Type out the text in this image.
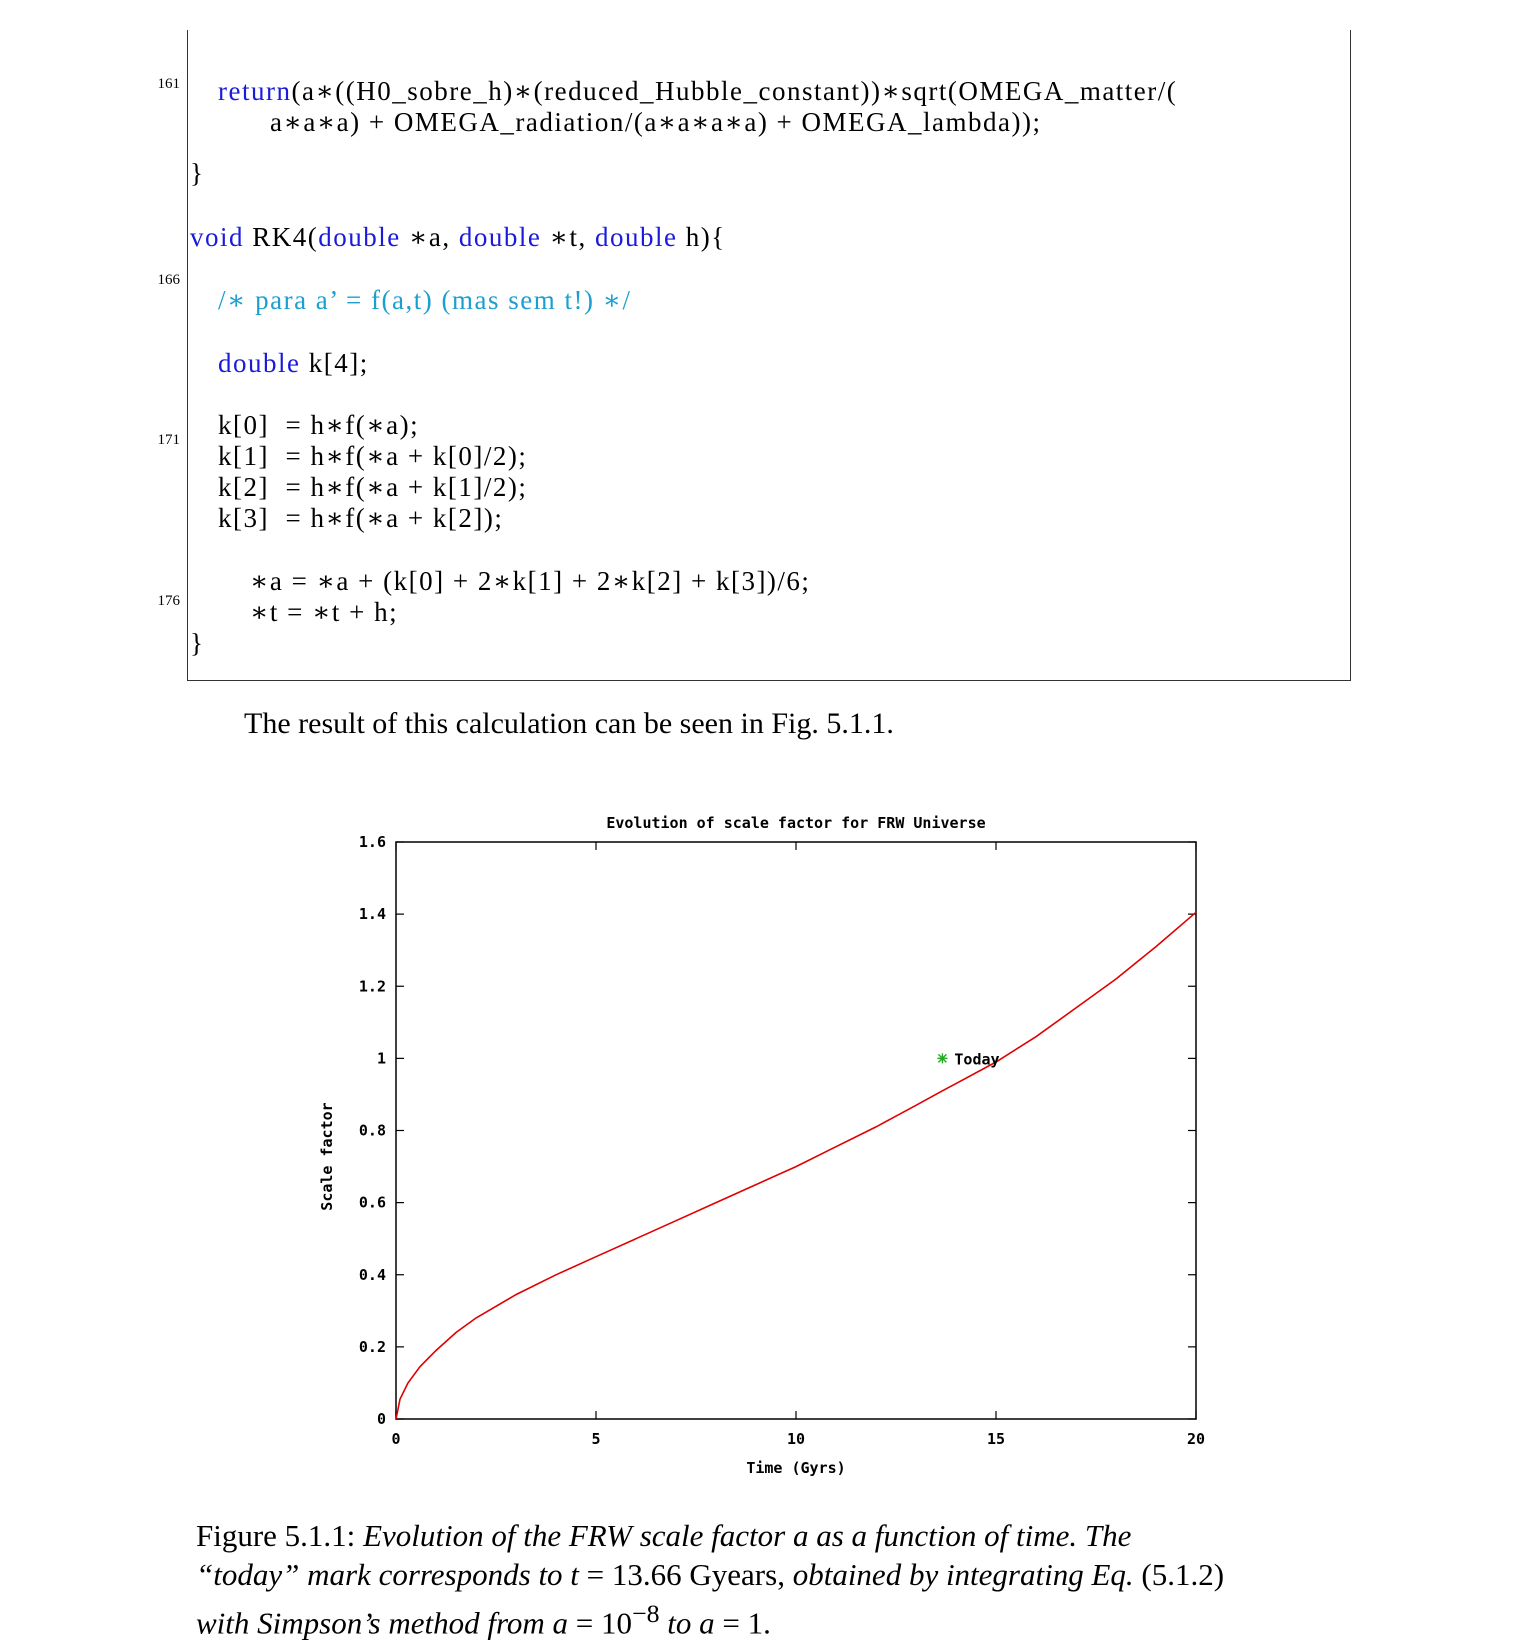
return(a∗((H0_sobre_h)∗(reduced_Hubble_constant))∗sqrt(OMEGA_matter/(
a∗a∗a) + OMEGA_radiation/(a∗a∗a∗a) + OMEGA_lambda));
}
void RK4(double ∗a, double ∗t, double h){
/∗ para a’ = f(a,t) (mas sem t!) ∗/
double k[4];
k[0]  = h∗f(∗a);
k[1]  = h∗f(∗a + k[0]/2);
k[2]  = h∗f(∗a + k[1]/2);
k[3]  = h∗f(∗a + k[2]);
∗a = ∗a + (k[0] + 2∗k[1] + 2∗k[2] + k[3])/6;
∗t = ∗t + h;
}
The result of this calculation can be seen in Fig. 5.1.1.
Evolution of scale factor for FRW Universe
0
0.2
0.4
0.6
0.8
1
1.2
1.4
1.6
0	5	10	15	20
Time (Gyrs)
Scale factor
Today
Figure 5.1.1: Evolution of the FRW scale factor a as a function of time. The
“today” mark corresponds to t = 13.66 Gyears, obtained by integrating Eq. (5.1.2)
with Simpson’s method from $a = 10^{-8}$ to a = 1.
161
166
171
176
